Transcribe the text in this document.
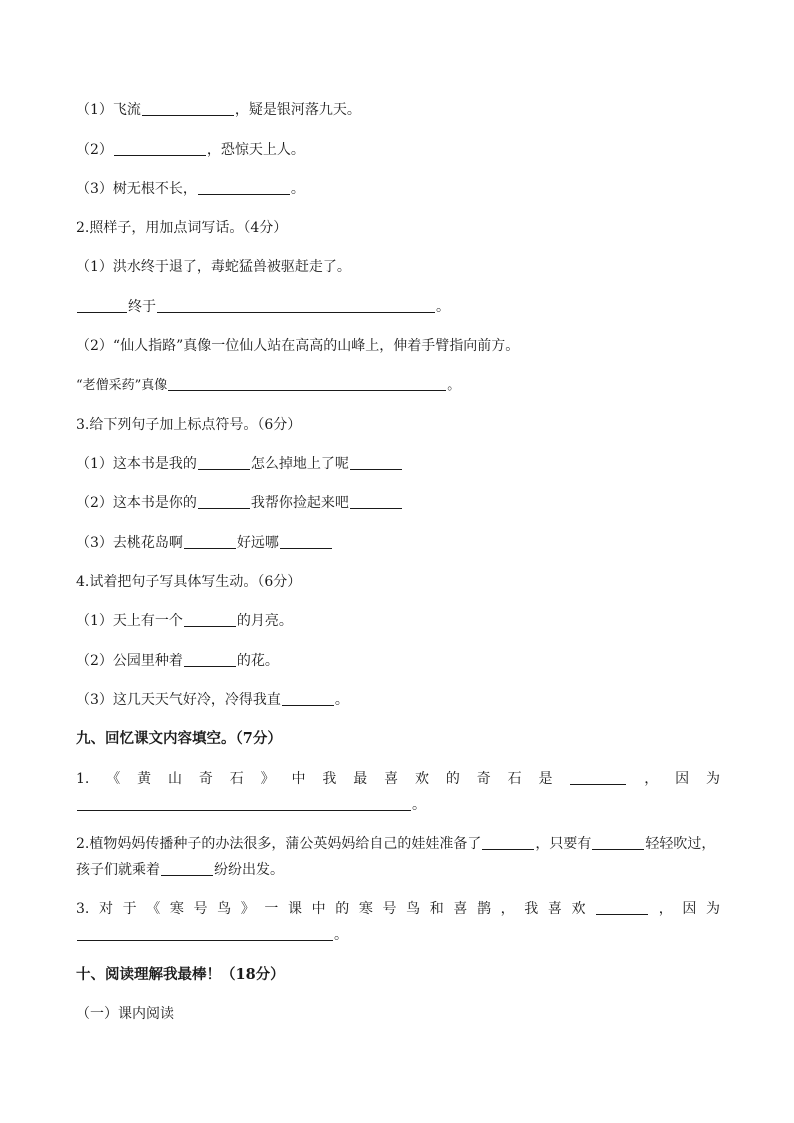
（1）飞流	，疑是银河落九天。
（2）	，恐惊天上人。
（3）树无根不长，	。
2.照样子，用加点词写话。（4分）
（1）洪水终于退了，毒蛇猛兽被驱赶走了。
终于	。
（2）“仙人指路”真像一位仙人站在高高的山峰上，伸着手臂指向前方。
“老僧采药”真像	。
3.给下列句子加上标点符号。（6分）
（1）这本书是我的	怎么掉地上了呢
（2）这本书是你的	我帮你捡起来吧
（3）去桃花岛啊	好远哪
4.试着把句子写具体写生动。（6分）
（1）天上有一个	的月亮。
（2）公园里种着	的花。
（3）这几天天气好冷，冷得我直	。
九、回忆课文内容填空。（7分）
1. 《 黄 山 奇 石 》 中 我 最 喜 欢 的 奇 石 是	， 因 为
。
2.植物妈妈传播种子的办法很多，蒲公英妈妈给自己的娃娃准备了	，只要有	轻轻吹过，
孩子们就乘着	纷纷出发。
3. 对 于 《 寒 号 鸟 》 一 课 中 的 寒 号 鸟 和 喜 鹊 ， 我 喜 欢	， 因 为
。
十、阅读理解我最棒！（18分）
（一）课内阅读
